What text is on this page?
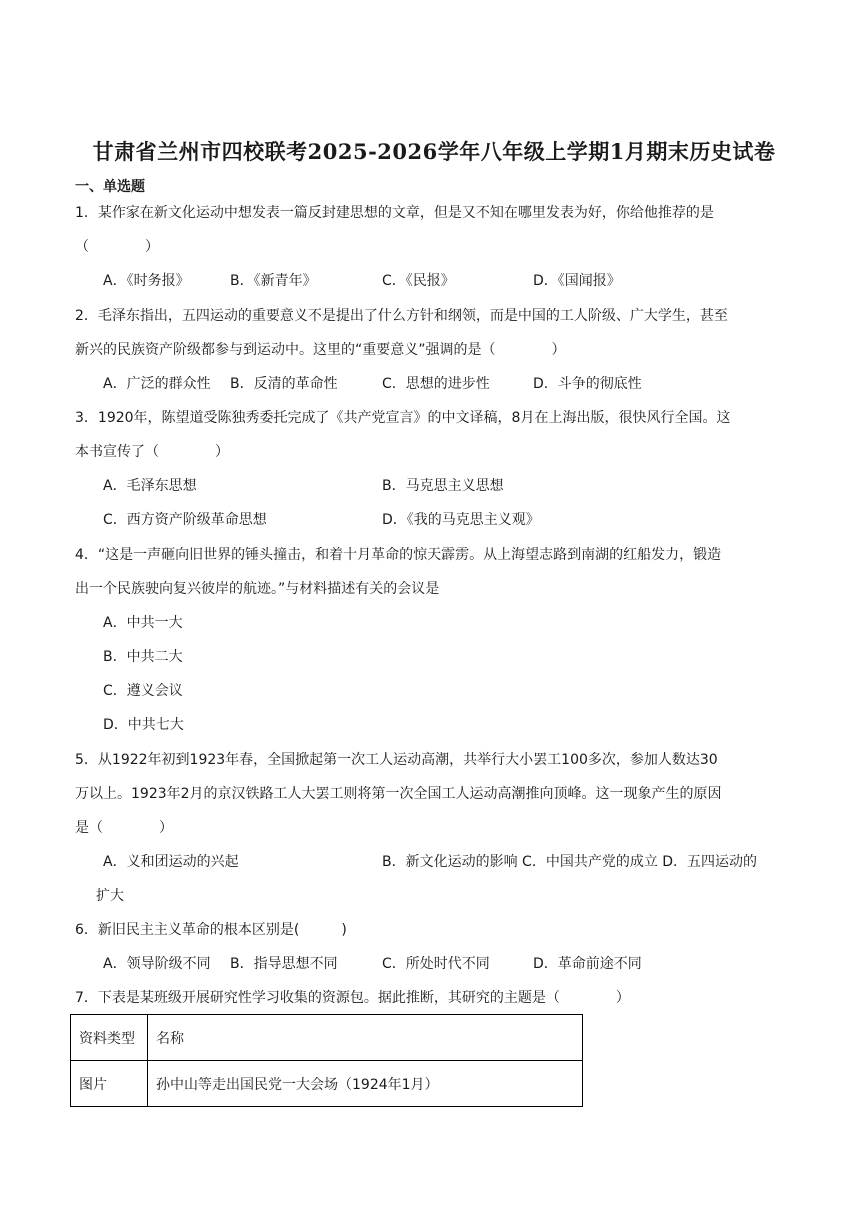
甘肃省兰州市四校联考2025-2026学年八年级上学期1月期末历史试卷
一、单选题
1．某作家在新文化运动中想发表一篇反封建思想的文章，但是又不知在哪里发表为好，你给他推荐的是
（　　　　）
A．《时务报》	B．《新青年》	C．《民报》	D．《国闻报》
2．毛泽东指出，五四运动的重要意义不是提出了什么方针和纲领，而是中国的工人阶级、广大学生，甚至
新兴的民族资产阶级都参与到运动中。这里的“重要意义”强调的是（　　　　）
A．广泛的群众性 B．反清的革命性	C．思想的进步性	D．斗争的彻底性
3．1920年，陈望道受陈独秀委托完成了《共产党宣言》的中文译稿，8月在上海出版，很快风行全国。这
本书宣传了（　　　　）
A．毛泽东思想	B．马克思主义思想
C．西方资产阶级革命思想	D．《我的马克思主义观》
4．“这是一声砸向旧世界的锤头撞击，和着十月革命的惊天霹雳。从上海望志路到南湖的红船发力，锻造
出一个民族驶向复兴彼岸的航迹。”与材料描述有关的会议是
A．中共一大
B．中共二大
C．遵义会议
D．中共七大
5．从1922年初到1923年春，全国掀起第一次工人运动高潮，共举行大小罢工100多次，参加人数达30
万以上。1923年2月的京汉铁路工人大罢工则将第一次全国工人运动高潮推向顶峰。这一现象产生的原因
是（　　　　）
A．义和团运动的兴起	B．新文化运动的影响 C．中国共产党的成立 D．五四运动的
扩大
6．新旧民主主义革命的根本区别是(　　　)
A．领导阶级不同 B．指导思想不同	C．所处时代不同	D．革命前途不同
7．下表是某班级开展研究性学习收集的资源包。据此推断，其研究的主题是（　　　　）
资料类型	名称
图片	孙中山等走出国民党一大会场（1924年1月）
